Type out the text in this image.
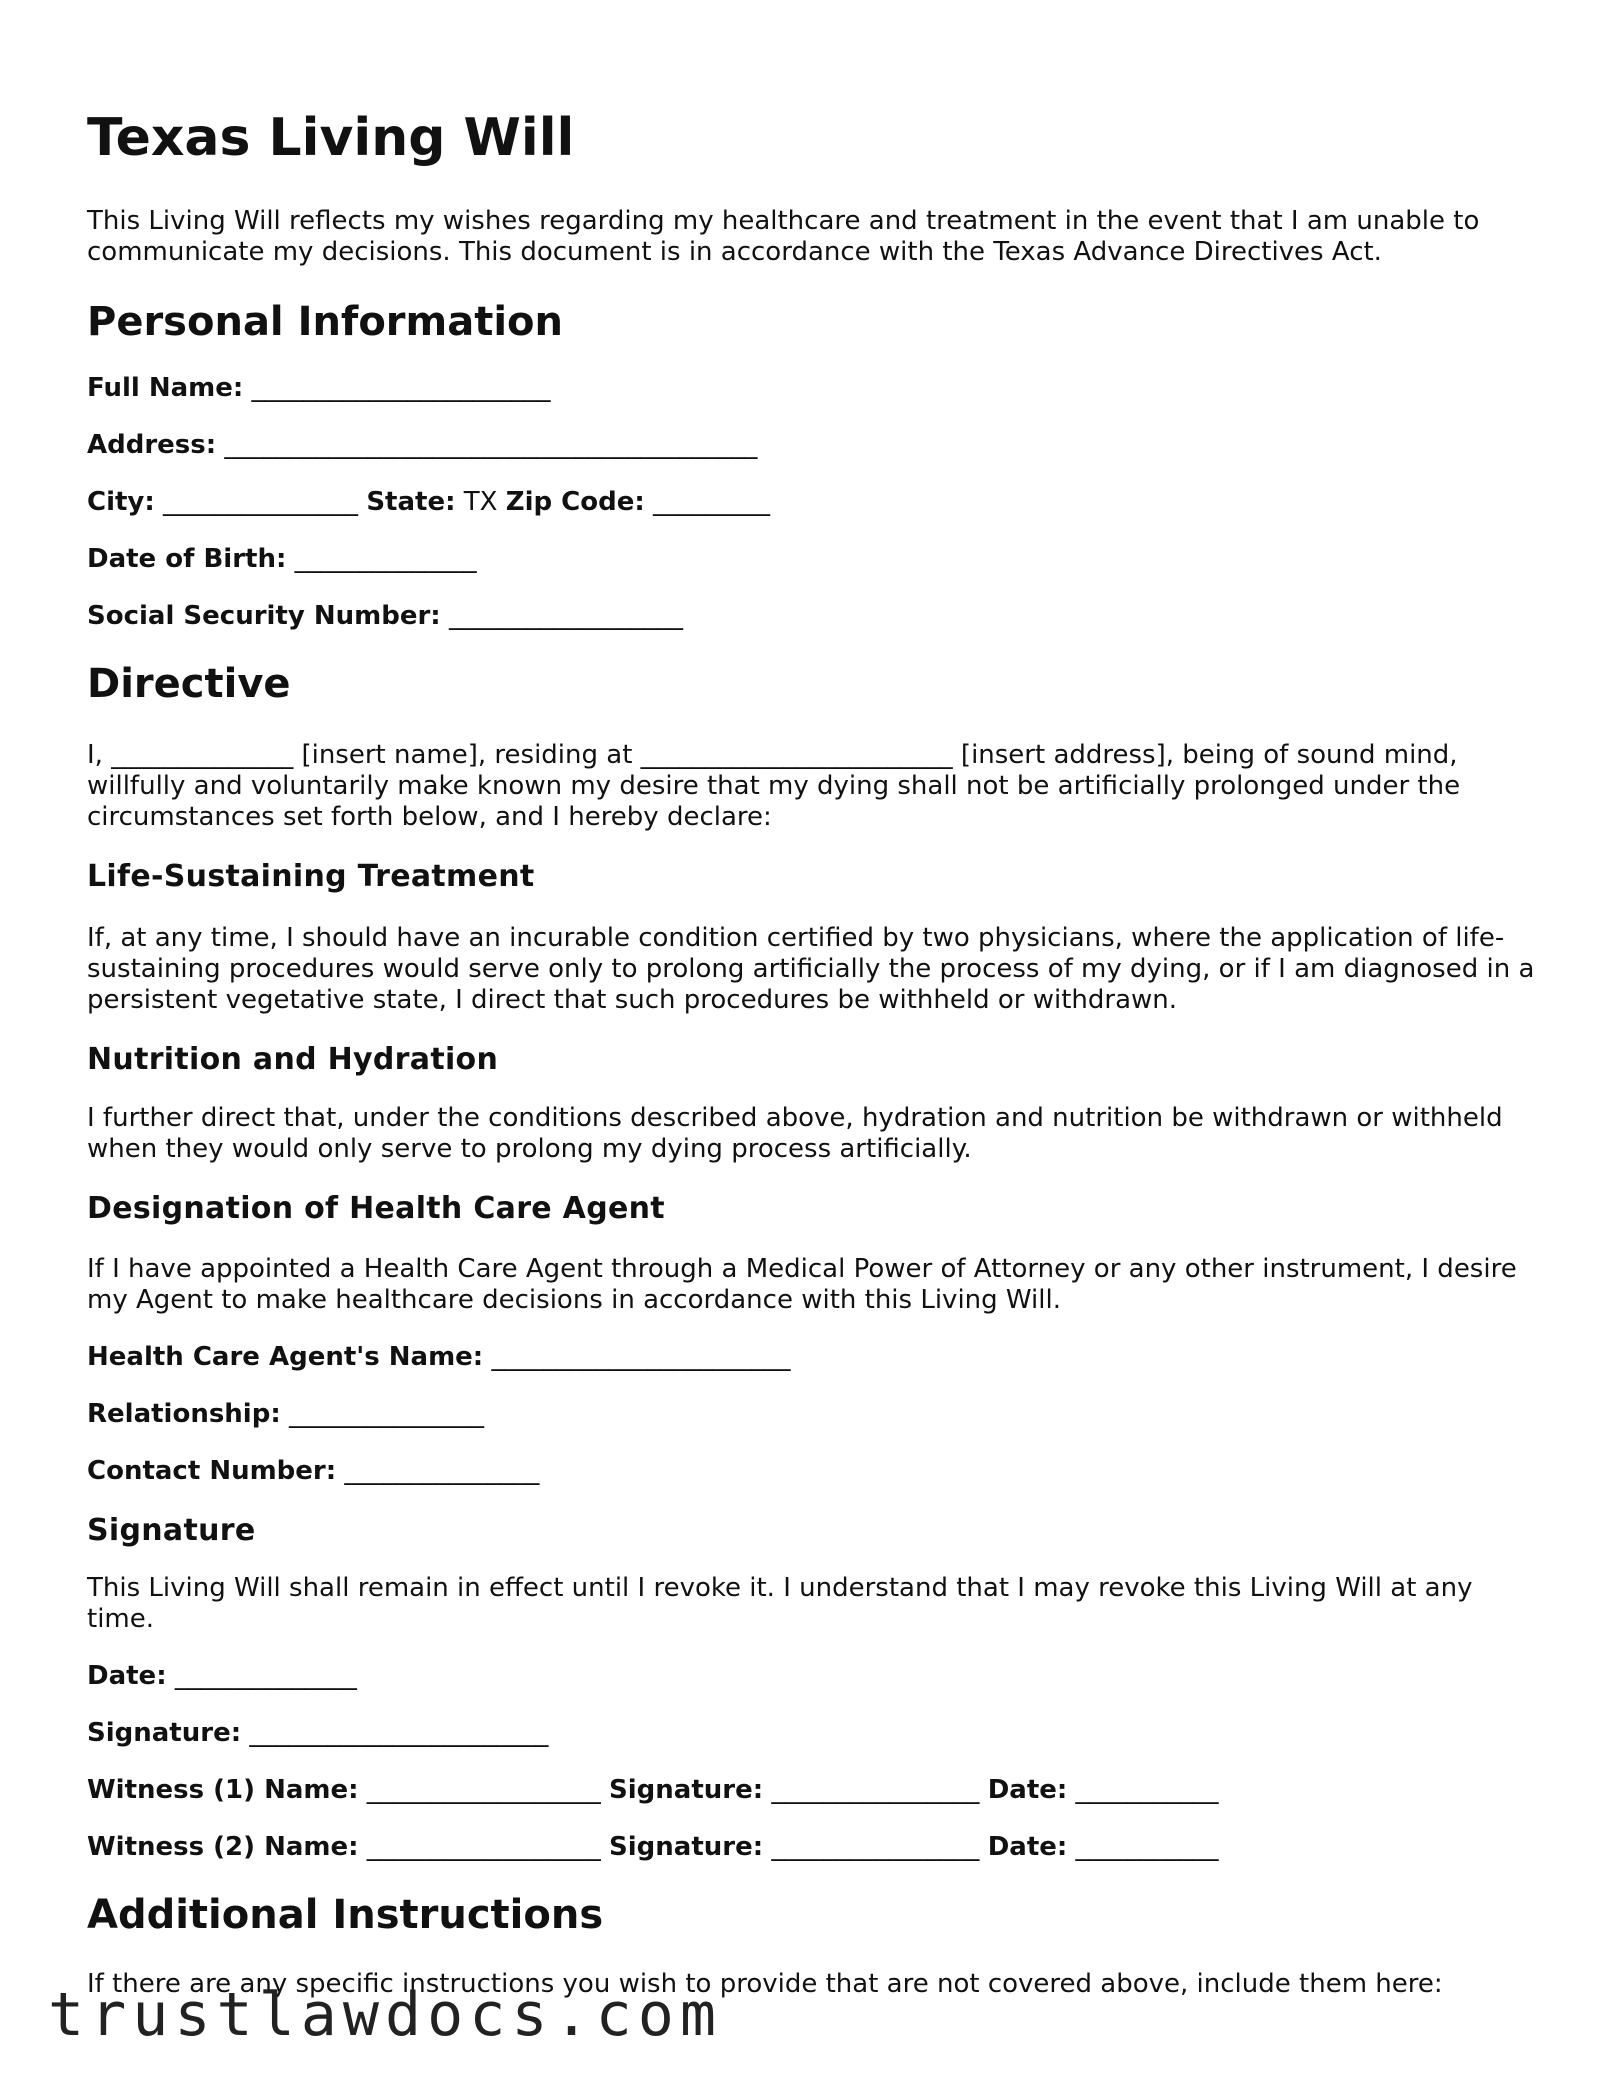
Texas Living Will

This Living Will reflects my wishes regarding my healthcare and treatment in the event that I am unable to communicate my decisions. This document is in accordance with the Texas Advance Directives Act.

Personal Information

Full Name: _______________________

Address: _________________________________________

City: _______________ State: TX Zip Code: _________

Date of Birth: ______________

Social Security Number: __________________

Directive

I, ______________ [insert name], residing at ________________________ [insert address], being of sound mind, willfully and voluntarily make known my desire that my dying shall not be artificially prolonged under the circumstances set forth below, and I hereby declare:

Life-Sustaining Treatment

If, at any time, I should have an incurable condition certified by two physicians, where the application of life-sustaining procedures would serve only to prolong artificially the process of my dying, or if I am diagnosed in a persistent vegetative state, I direct that such procedures be withheld or withdrawn.

Nutrition and Hydration

I further direct that, under the conditions described above, hydration and nutrition be withdrawn or withheld when they would only serve to prolong my dying process artificially.

Designation of Health Care Agent

If I have appointed a Health Care Agent through a Medical Power of Attorney or any other instrument, I desire my Agent to make healthcare decisions in accordance with this Living Will.

Health Care Agent's Name: _______________________

Relationship: _______________

Contact Number: _______________

Signature

This Living Will shall remain in effect until I revoke it. I understand that I may revoke this Living Will at any time.

Date: ______________

Signature: _______________________

Witness (1) Name: __________________ Signature: ________________ Date: ___________

Witness (2) Name: __________________ Signature: ________________ Date: ___________

Additional Instructions

If there are any specific instructions you wish to provide that are not covered above, include them here:

trustlawdocs.com
